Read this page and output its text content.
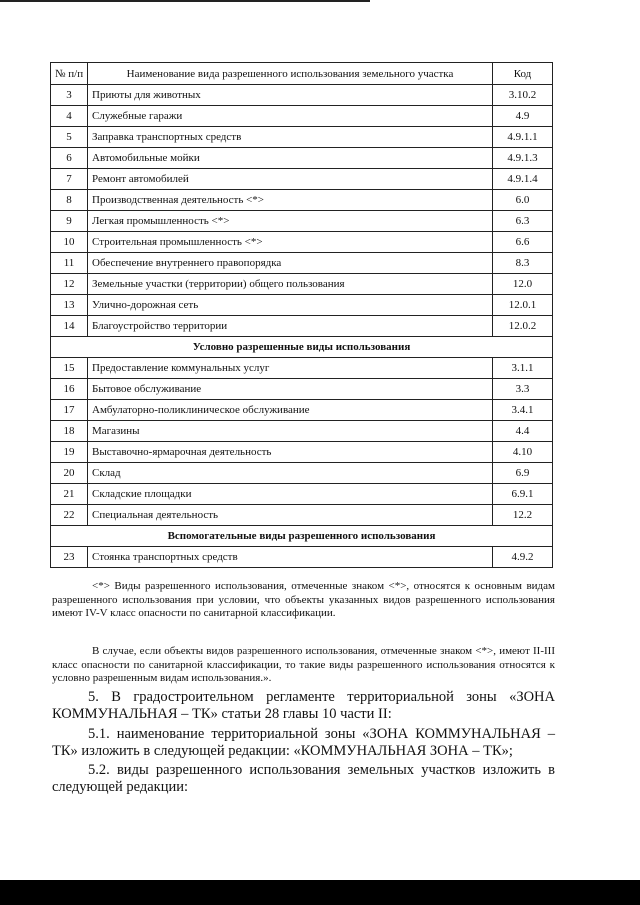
№ п/п	Наименование вида разрешенного использования земельного участка	Код
3	Приюты для животных	3.10.2
4	Служебные гаражи	4.9
5	Заправка транспортных средств	4.9.1.1
6	Автомобильные мойки	4.9.1.3
7	Ремонт автомобилей	4.9.1.4
8	Производственная деятельность <*>	6.0
9	Легкая промышленность <*>	6.3
10	Строительная промышленность <*>	6.6
11	Обеспечение внутреннего правопорядка	8.3
12	Земельные участки (территории) общего пользования	12.0
13	Улично-дорожная сеть	12.0.1
14	Благоустройство территории	12.0.2
Условно разрешенные виды использования		
15	Предоставление коммунальных услуг	3.1.1
16	Бытовое обслуживание	3.3
17	Амбулаторно-поликлиническое обслуживание	3.4.1
18	Магазины	4.4
19	Выставочно-ярмарочная деятельность	4.10
20	Склад	6.9
21	Складские площадки	6.9.1
22	Специальная деятельность	12.2
Вспомогательные виды разрешенного использования		
23	Стоянка транспортных средств	4.9.2

<*> Виды разрешенного использования, отмеченные знаком <*>, относятся к основным видам разрешенного использования при условии, что объекты указанных видов разрешенного использования имеют IV-V класс опасности по санитарной классификации.

В случае, если объекты видов разрешенного использования, отмеченные знаком <*>, имеют II-III класс опасности по санитарной классификации, то такие виды разрешенного использования относятся к условно разрешенным видам использования.».

5. В градостроительном регламенте территориальной зоны «ЗОНА КОММУНАЛЬНАЯ – ТК» статьи 28 главы 10 части II:

5.1. наименование территориальной зоны «ЗОНА КОММУНАЛЬНАЯ – ТК» изложить в следующей редакции: «КОММУНАЛЬНАЯ ЗОНА – ТК»;

5.2. виды разрешенного использования земельных участков изложить в следующей редакции:
